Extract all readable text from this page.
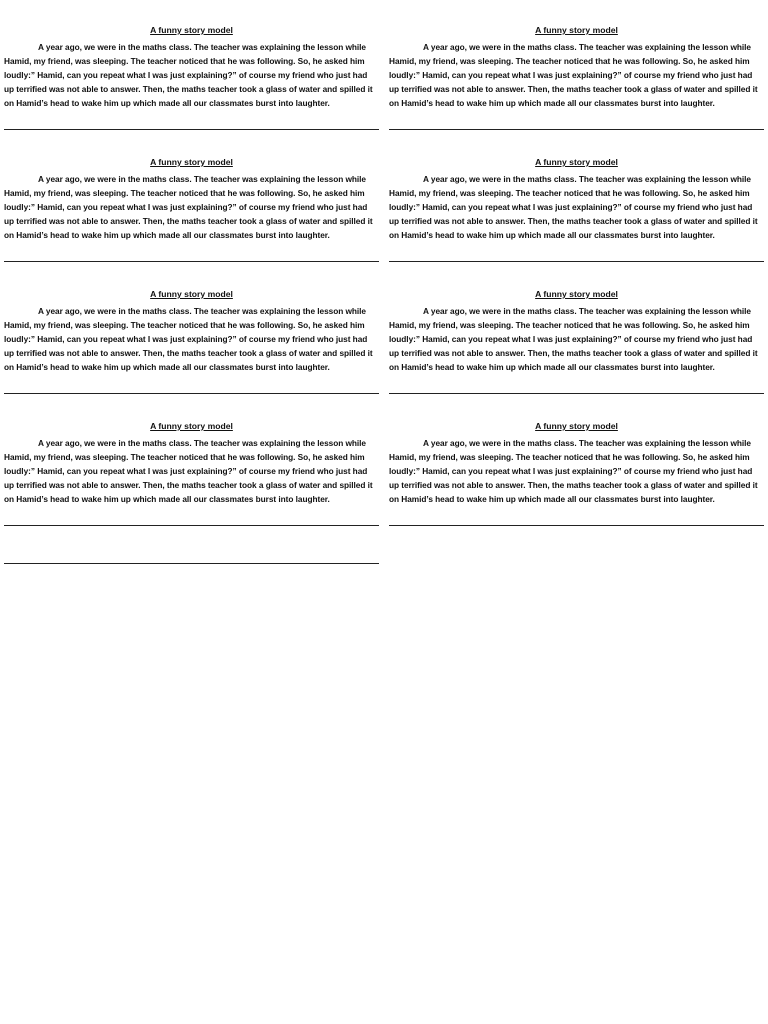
A funny story model

A year ago, we were in the maths class. The teacher was explaining the lesson while Hamid, my friend, was sleeping. The teacher noticed that he was following. So, he asked him loudly:” Hamid, can you repeat what I was just explaining?” of course my friend who just had up terrified was not able to answer. Then, the maths teacher took a glass of water and spilled it on Hamid’s head to wake him up which made all our classmates burst into laughter.

A funny story model

A year ago, we were in the maths class. The teacher was explaining the lesson while Hamid, my friend, was sleeping. The teacher noticed that he was following. So, he asked him loudly:” Hamid, can you repeat what I was just explaining?” of course my friend who just had up terrified was not able to answer. Then, the maths teacher took a glass of water and spilled it on Hamid’s head to wake him up which made all our classmates burst into laughter.

A funny story model

A year ago, we were in the maths class. The teacher was explaining the lesson while Hamid, my friend, was sleeping. The teacher noticed that he was following. So, he asked him loudly:” Hamid, can you repeat what I was just explaining?” of course my friend who just had up terrified was not able to answer. Then, the maths teacher took a glass of water and spilled it on Hamid’s head to wake him up which made all our classmates burst into laughter.

A funny story model

A year ago, we were in the maths class. The teacher was explaining the lesson while Hamid, my friend, was sleeping. The teacher noticed that he was following. So, he asked him loudly:” Hamid, can you repeat what I was just explaining?” of course my friend who just had up terrified was not able to answer. Then, the maths teacher took a glass of water and spilled it on Hamid’s head to wake him up which made all our classmates burst into laughter.

A funny story model

A year ago, we were in the maths class. The teacher was explaining the lesson while Hamid, my friend, was sleeping. The teacher noticed that he was following. So, he asked him loudly:” Hamid, can you repeat what I was just explaining?” of course my friend who just had up terrified was not able to answer. Then, the maths teacher took a glass of water and spilled it on Hamid’s head to wake him up which made all our classmates burst into laughter.

A funny story model

A year ago, we were in the maths class. The teacher was explaining the lesson while Hamid, my friend, was sleeping. The teacher noticed that he was following. So, he asked him loudly:” Hamid, can you repeat what I was just explaining?” of course my friend who just had up terrified was not able to answer. Then, the maths teacher took a glass of water and spilled it on Hamid’s head to wake him up which made all our classmates burst into laughter.

A funny story model

A year ago, we were in the maths class. The teacher was explaining the lesson while Hamid, my friend, was sleeping. The teacher noticed that he was following. So, he asked him loudly:” Hamid, can you repeat what I was just explaining?” of course my friend who just had up terrified was not able to answer. Then, the maths teacher took a glass of water and spilled it on Hamid’s head to wake him up which made all our classmates burst into laughter.

A funny story model

A year ago, we were in the maths class. The teacher was explaining the lesson while Hamid, my friend, was sleeping. The teacher noticed that he was following. So, he asked him loudly:” Hamid, can you repeat what I was just explaining?” of course my friend who just had up terrified was not able to answer. Then, the maths teacher took a glass of water and spilled it on Hamid’s head to wake him up which made all our classmates burst into laughter.
